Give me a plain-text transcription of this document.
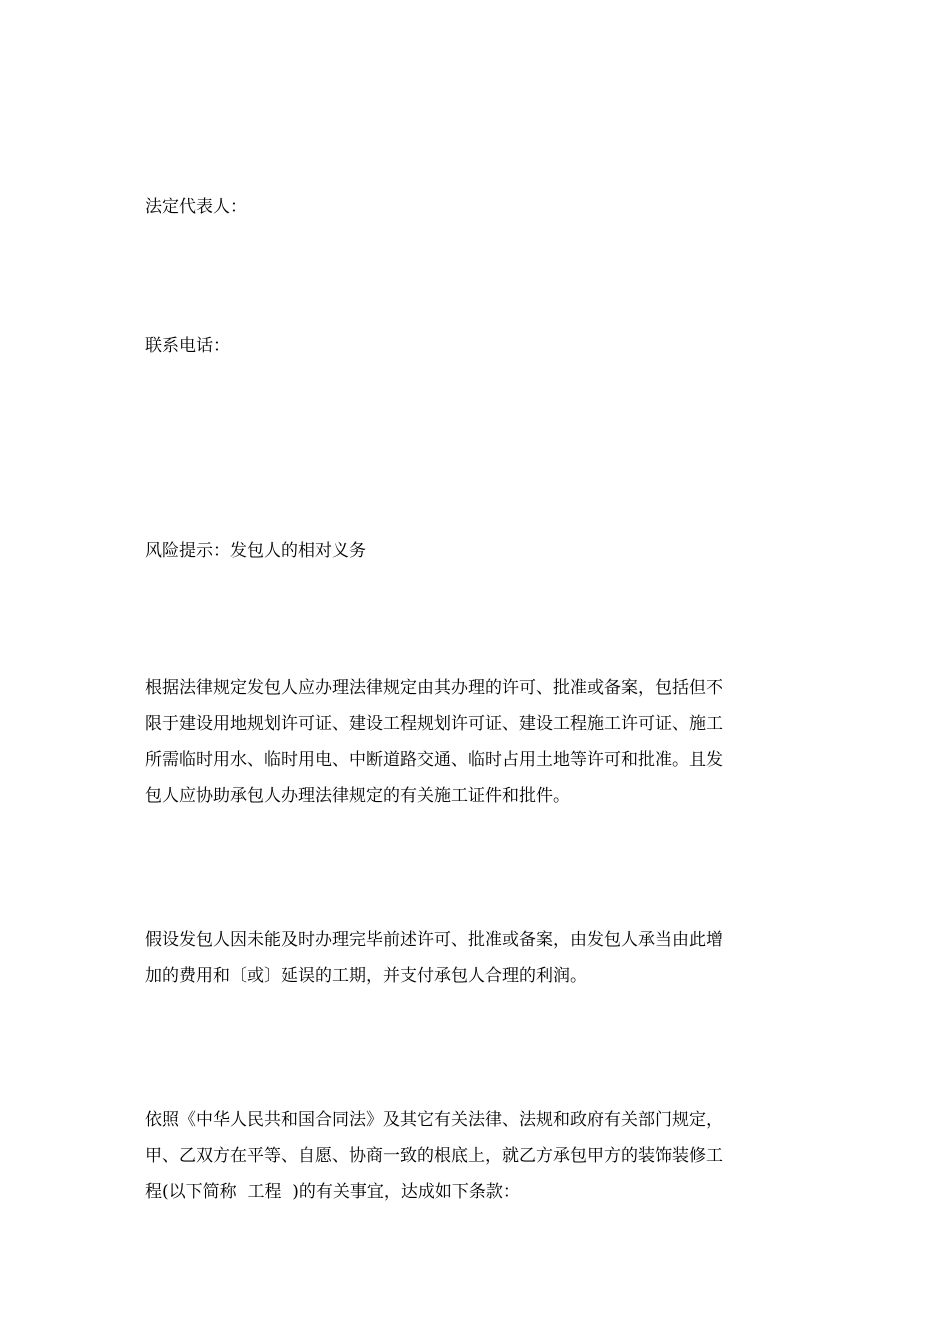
法定代表人：

联系电话：

风险提示：发包人的相对义务

根据法律规定发包人应办理法律规定由其办理的许可、批准或备案，包括但不
限于建设用地规划许可证、建设工程规划许可证、建设工程施工许可证、施工
所需临时用水、临时用电、中断道路交通、临时占用土地等许可和批准。且发
包人应协助承包人办理法律规定的有关施工证件和批件。
假设发包人因未能及时办理完毕前述许可、批准或备案，由发包人承当由此增
加的费用和〔或〕延误的工期，并支付承包人合理的利润。
依照《中华人民共和国合同法》及其它有关法律、法规和政府有关部门规定，
甲、乙双方在平等、自愿、协商一致的根底上，就乙方承包甲方的装饰装修工
程(以下简称  工程  )的有关事宜，达成如下条款：
